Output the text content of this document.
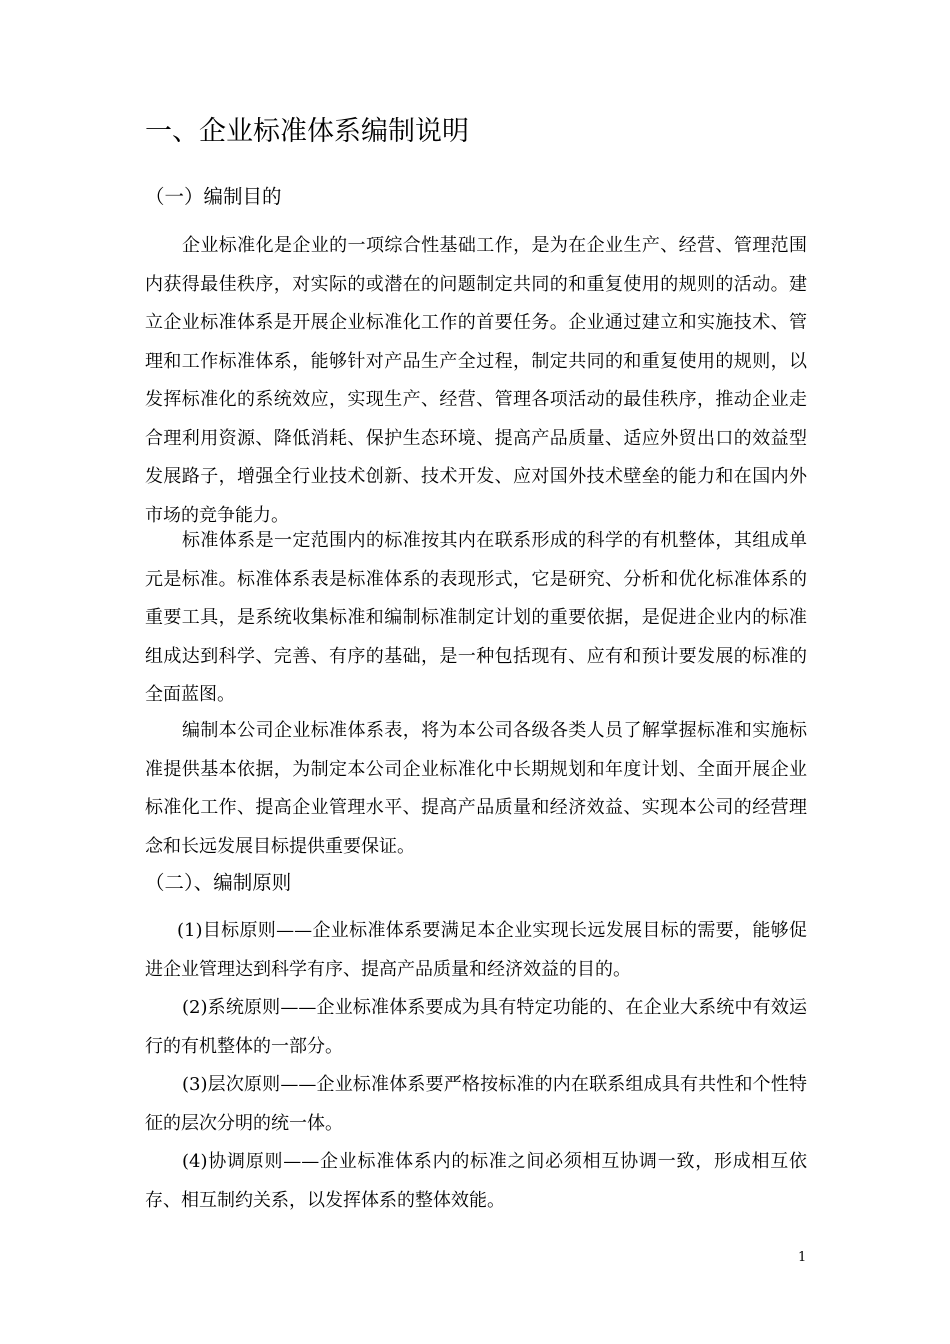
一、企业标准体系编制说明
（一）编制目的

企业标准化是企业的一项综合性基础工作，是为在企业生产、经营、管理范围内获得最佳秩序，对实际的或潜在的问题制定共同的和重复使用的规则的活动。建立企业标准体系是开展企业标准化工作的首要任务。企业通过建立和实施技术、管理和工作标准体系，能够针对产品生产全过程，制定共同的和重复使用的规则，以发挥标准化的系统效应，实现生产、经营、管理各项活动的最佳秩序，推动企业走合理利用资源、降低消耗、保护生态环境、提高产品质量、适应外贸出口的效益型发展路子，增强全行业技术创新、技术开发、应对国外技术壁垒的能力和在国内外市场的竞争能力。

标准体系是一定范围内的标准按其内在联系形成的科学的有机整体，其组成单元是标准。标准体系表是标准体系的表现形式，它是研究、分析和优化标准体系的重要工具，是系统收集标准和编制标准制定计划的重要依据，是促进企业内的标准组成达到科学、完善、有序的基础，是一种包括现有、应有和预计要发展的标准的全面蓝图。

编制本公司企业标准体系表，将为本公司各级各类人员了解掌握标准和实施标准提供基本依据，为制定本公司企业标准化中长期规划和年度计划、全面开展企业标准化工作、提高企业管理水平、提高产品质量和经济效益、实现本公司的经营理念和长远发展目标提供重要保证。

（二）、编制原则

(1)目标原则——企业标准体系要满足本企业实现长远发展目标的需要，能够促进企业管理达到科学有序、提高产品质量和经济效益的目的。

(2)系统原则——企业标准体系要成为具有特定功能的、在企业大系统中有效运行的有机整体的一部分。

(3)层次原则——企业标准体系要严格按标准的内在联系组成具有共性和个性特征的层次分明的统一体。

(4)协调原则——企业标准体系内的标准之间必须相互协调一致，形成相互依存、相互制约关系，以发挥体系的整体效能。

1
